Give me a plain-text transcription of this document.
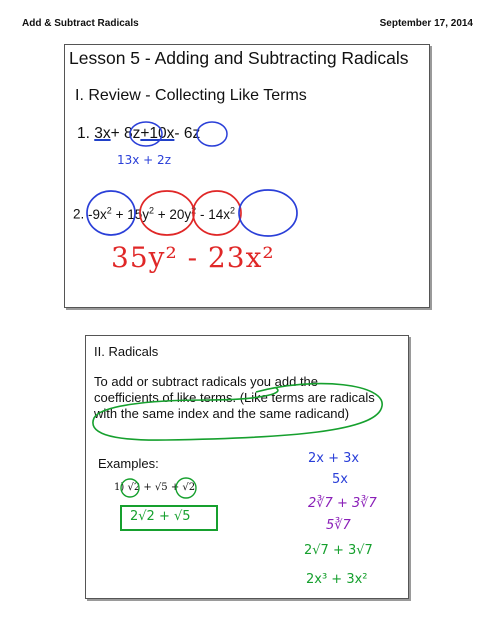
Add & Subtract Radicals	September 17, 2014
Lesson 5 - Adding and Subtracting Radicals
I. Review - Collecting Like Terms
1. 3x+ 8z+10x- 6z
13x + 2z
2. $-9x^2 + 15y^2 + 20y^2 - 14x^2$
35y² - 23x²
II. Radicals
To add or subtract radicals you add the coefficients of like terms. (Like terms are radicals with the same index and the same radicand)
Examples:
1) √2 + √5 + √2
2√2 + √5
2x + 3x
5x
2∛7 + 3∛7
5∛7
2√7 + 3√7
2x³ + 3x²
